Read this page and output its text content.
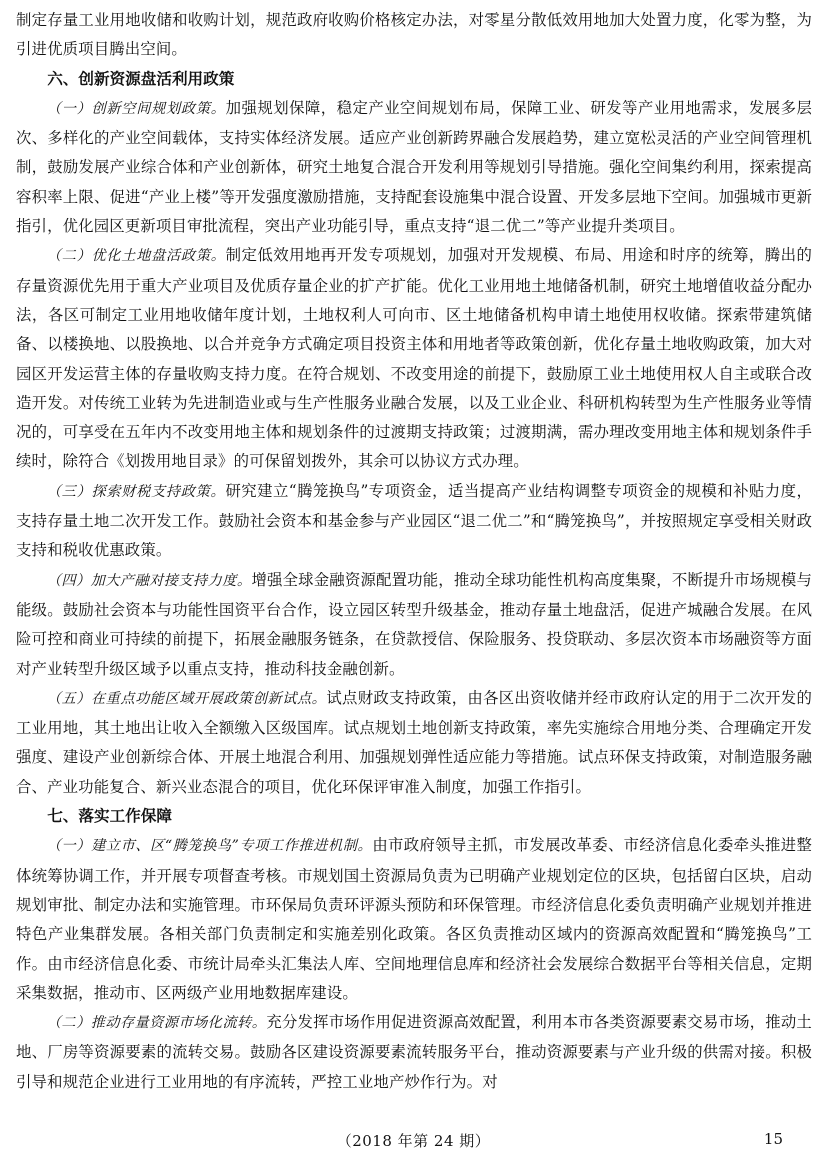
制定存量工业用地收储和收购计划，规范政府收购价格核定办法，对零星分散低效用地加大处置力度，化零为整，为引进优质项目腾出空间。

六、创新资源盘活利用政策

（一）创新空间规划政策。加强规划保障，稳定产业空间规划布局，保障工业、研发等产业用地需求，发展多层次、多样化的产业空间载体，支持实体经济发展。适应产业创新跨界融合发展趋势，建立宽松灵活的产业空间管理机制，鼓励发展产业综合体和产业创新体，研究土地复合混合开发利用等规划引导措施。强化空间集约利用，探索提高容积率上限、促进“产业上楼”等开发强度激励措施，支持配套设施集中混合设置、开发多层地下空间。加强城市更新指引，优化园区更新项目审批流程，突出产业功能引导，重点支持“退二优二”等产业提升类项目。

（二）优化土地盘活政策。制定低效用地再开发专项规划，加强对开发规模、布局、用途和时序的统筹，腾出的存量资源优先用于重大产业项目及优质存量企业的扩产扩能。优化工业用地土地储备机制，研究土地增值收益分配办法，各区可制定工业用地收储年度计划，土地权利人可向市、区土地储备机构申请土地使用权收储。探索带建筑储备、以楼换地、以股换地、以合并竞争方式确定项目投资主体和用地者等政策创新，优化存量土地收购政策，加大对园区开发运营主体的存量收购支持力度。在符合规划、不改变用途的前提下，鼓励原工业土地使用权人自主或联合改造开发。对传统工业转为先进制造业或与生产性服务业融合发展，以及工业企业、科研机构转型为生产性服务业等情况的，可享受在五年内不改变用地主体和规划条件的过渡期支持政策；过渡期满，需办理改变用地主体和规划条件手续时，除符合《划拨用地目录》的可保留划拨外，其余可以协议方式办理。

（三）探索财税支持政策。研究建立“腾笼换鸟”专项资金，适当提高产业结构调整专项资金的规模和补贴力度，支持存量土地二次开发工作。鼓励社会资本和基金参与产业园区“退二优二”和“腾笼换鸟”，并按照规定享受相关财政支持和税收优惠政策。

（四）加大产融对接支持力度。增强全球金融资源配置功能，推动全球功能性机构高度集聚，不断提升市场规模与能级。鼓励社会资本与功能性国资平台合作，设立园区转型升级基金，推动存量土地盘活，促进产城融合发展。在风险可控和商业可持续的前提下，拓展金融服务链条，在贷款授信、保险服务、投贷联动、多层次资本市场融资等方面对产业转型升级区域予以重点支持，推动科技金融创新。

（五）在重点功能区域开展政策创新试点。试点财政支持政策，由各区出资收储并经市政府认定的用于二次开发的工业用地，其土地出让收入全额缴入区级国库。试点规划土地创新支持政策，率先实施综合用地分类、合理确定开发强度、建设产业创新综合体、开展土地混合利用、加强规划弹性适应能力等措施。试点环保支持政策，对制造服务融合、产业功能复合、新兴业态混合的项目，优化环保评审准入制度，加强工作指引。

七、落实工作保障

（一）建立市、区“腾笼换鸟”专项工作推进机制。由市政府领导主抓，市发展改革委、市经济信息化委牵头推进整体统筹协调工作，并开展专项督查考核。市规划国土资源局负责为已明确产业规划定位的区块，包括留白区块，启动规划审批、制定办法和实施管理。市环保局负责环评源头预防和环保管理。市经济信息化委负责明确产业规划并推进特色产业集群发展。各相关部门负责制定和实施差别化政策。各区负责推动区域内的资源高效配置和“腾笼换鸟”工作。由市经济信息化委、市统计局牵头汇集法人库、空间地理信息库和经济社会发展综合数据平台等相关信息，定期采集数据，推动市、区两级产业用地数据库建设。

（二）推动存量资源市场化流转。充分发挥市场作用促进资源高效配置，利用本市各类资源要素交易市场，推动土地、厂房等资源要素的流转交易。鼓励各区建设资源要素流转服务平台，推动资源要素与产业升级的供需对接。积极引导和规范企业进行工业用地的有序流转，严控工业地产炒作行为。对

（2018 年第 24 期）	15
